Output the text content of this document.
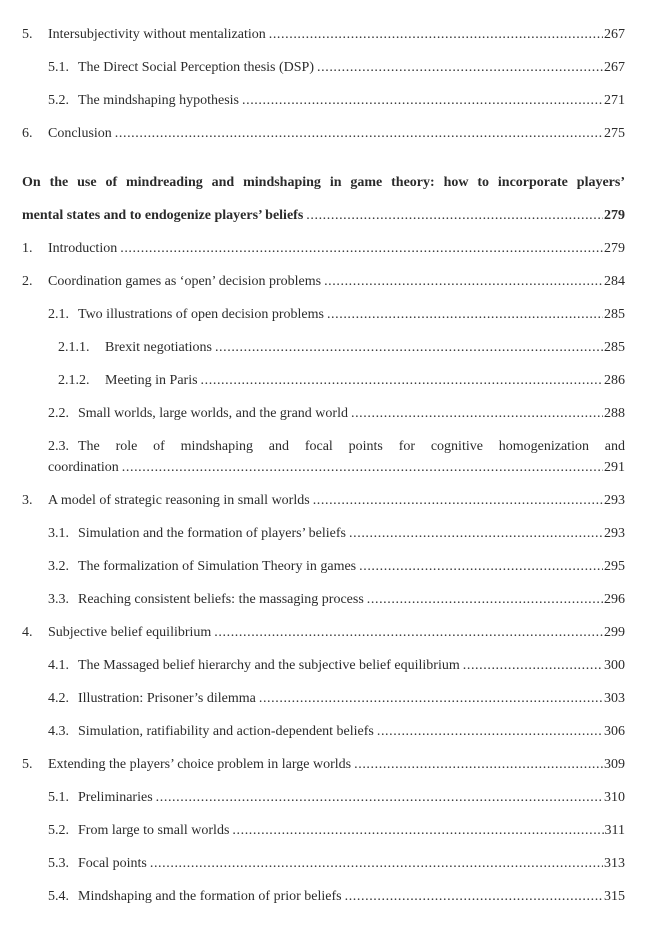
5.	Intersubjectivity without mentalization .....	267
5.1. The Direct Social Perception thesis (DSP) .....	267
5.2. The mindshaping hypothesis .....	271
6.	Conclusion .....	275
On the use of mindreading and mindshaping in game theory: how to incorporate players’
mental states and to endogenize players’ beliefs .....	279
1.	Introduction .....	279
2.	Coordination games as ‘open’ decision problems .....	284
2.1. Two illustrations of open decision problems .....	285
2.1.1.	Brexit negotiations .....	285
2.1.2.	Meeting in Paris .....	286
2.2. Small worlds, large worlds, and the grand world .....	288
2.3. The role of mindshaping and focal points for cognitive homogenization and
coordination .....	291
3.	A model of strategic reasoning in small worlds .....	293
3.1. Simulation and the formation of players’ beliefs .....	293
3.2. The formalization of Simulation Theory in games .....	295
3.3. Reaching consistent beliefs: the massaging process .....	296
4.	Subjective belief equilibrium .....	299
4.1. The Massaged belief hierarchy and the subjective belief equilibrium .....	300
4.2. Illustration: Prisoner’s dilemma .....	303
4.3. Simulation, ratifiability and action-dependent beliefs .....	306
5.	Extending the players’ choice problem in large worlds .....	309
5.1. Preliminaries .....	310
5.2. From large to small worlds .....	311
5.3. Focal points .....	313
5.4. Mindshaping and the formation of prior beliefs .....	315
